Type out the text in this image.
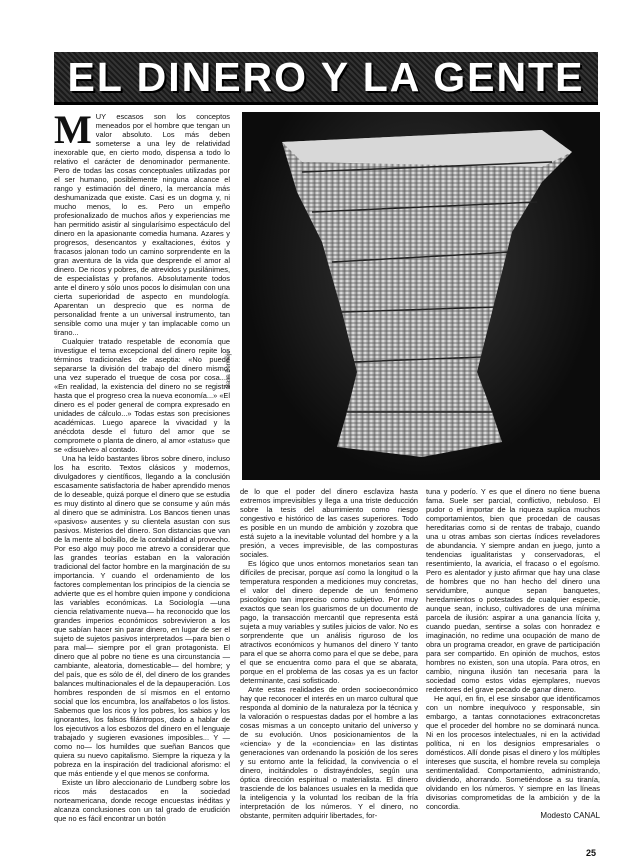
EL DINERO Y LA GENTE
M UY escasos son los conceptos meneados por el hombre que tengan un valor absoluto. Los más deben someterse a una ley de relatividad inexorable que, en cierto modo, dispensa a todo lo relativo el carácter de denominador permanente. Pero de todas las cosas conceptuales utilizadas por el ser humano, posiblemente ninguna alcance el rango y estimación del dinero, la mercancía más deshumanizada que existe. Casi es un dogma y, ni mucho menos, lo es. Pero un empeño profesionalizado de muchos años y experiencias me han permitido asistir al singularísimo espectáculo del dinero en la apasionante comedia humana. Azares y progresos, desencantos y exaltaciones, éxitos y fracasos jalonan todo un camino sorprendente en la gran aventura de la vida que desprende el amor al dinero. De ricos y pobres, de atrevidos y pusilánimes, de especialistas y profanos. Absolutamente todos ante el dinero y sólo unos pocos lo disimulan con una cierta superioridad de aspecto en mundología. Aparentan un desprecio que es norma de personalidad frente a un universal instrumento, tan sensible como una mujer y tan implacable como un tirano...

Cualquier tratado respetable de economía que investigue el tema excepcional del dinero repite los términos tradicionales de aseptia: «No puede separarse la división del trabajo del dinero mismo, una vez superado el trueque de cosa por cosa...» «En realidad, la existencia del dinero no se registra hasta que el progreso crea la nueva economía...» «El dinero es el poder general de compra expresado en unidades de cálculo...» Todas estas son precisiones académicas. Luego aparece la vivacidad y la anécdota desde el futuro del amor que se compromete o planta de dinero, al amor «status» que se «disuelve» al contado.

Una ha leído bastantes libros sobre dinero, incluso los ha escrito. Textos clásicos y modernos, divulgadores y científicos, llegando a la conclusión escasamente satisfactoria de haber aprendido menos de lo deseable, quizá porque el dinero que se estudia es muy distinto al dinero que se consume y aún más al dinero que se administra. Los Bancos tienen unas «pasivos» ausentes y su clientela asustan con sus pasivos. Misterios del dinero. Son distancias que van de la mente al bolsillo, de la contabilidad al provecho. Por eso algo muy poco me atrevo a considerar que las grandes teorías estaban en la valoración tradicional del factor hombre en la marginación de su importancia. Y cuando el ordenamiento de los factores complementan los principios de la ciencia se advierte que es el hombre quien impone y condiciona las variables económicas. La Sociología —una ciencia relativamente nueva— ha reconocido que los grandes imperios económicos sobrevivieron a los que sabían hacer sin parar dinero, en lugar de ser el sujeto de sujetos pasivos interpretados —para bien o para mal— siempre por el gran protagonista. El dinero que al pobre no tiene es una circunstancia —cambiante, aleatoria, domesticable— del hombre; y del país, que es sólo de él, del dinero de los grandes balances multinacionales el de la depauperación. Los hombres responden de sí mismos en el entorno social que los encumbra, los analfabetos o los listos. Sabemos que los ricos y los pobres, los sabios y los ignorantes, los falsos filántropos, dado a hablar de los ejecutivos a los esbozos del dinero en el lenguaje trabajado y sugieren evasiones imposibles... Y —como no— los humildes que sueñan Bancos que quiera su nuevo capitalismo. Siempre la riqueza y la pobreza en la inspiración del tradicional aforismo: el que más entiende y el que menos se conforma.

Existe un libro aleccionario de Lundberg sobre los ricos más destacados en la sociedad norteamericana, donde recoge encuestas inéditas y alcanza conclusiones con un tal grado de erudición que no es fácil encontrar un botón

Basa Bermejo

de lo que el poder del dinero esclaviza hasta extremos imprevisibles y llega a una triste deducción sobre la tesis del aburrimiento como riesgo congestivo e histórico de las cases superiores. Todo es posible en un mundo de ambición y zozobra que está sujeto a la inevitable voluntad del hombre y a la presión, a veces imprevisible, de las composturas sociales.

Es lógico que unos entornos monetarios sean tan difíciles de precisar, porque así como la longitud o la temperatura responden a mediciones muy concretas, el valor del dinero depende de un fenómeno psicológico tan impreciso como subjetivo. Por muy exactos que sean los guarismos de un documento de pago, la transacción mercantil que representa está sujeta a muy variables y sutiles juicios de valor. No es sorprendente que un análisis riguroso de los atractivos económicos y humanos del dinero Y tanto para el que se ahorra como para el que se debe, para el que se encuentra como para el que se abarata, porque en el problema de las cosas ya es un factor determinante, casi sofisticado.

Ante estas realidades de orden socioeconómico hay que reconocer el interés en un marco cultural que responda al dominio de la naturaleza por la técnica y la valoración o respuestas dadas por el hombre a las cosas mismas a un concepto unitario del universo y de su evolución. Unos posicionamientos de la «ciencia» y de la «conciencia» en las distintas generaciones van ordenando la posición de los seres y su entorno ante la felicidad, la convivencia o el dinero, incitándoles o distrayéndoles, según una óptica dirección espiritual o materialista. El dinero trasciende de los balances usuales en la medida que la inteligencia y la voluntad los reciban de la fría interpretación de los números. Y el dinero, no obstante, permiten adquirir libertades, for-

tuna y poderío. Y es que el dinero no tiene buena fama. Suele ser parcial, conflictivo, nebuloso. El pudor o el importar de la riqueza suplica muchos comportamientos, bien que procedan de causas hereditarias como si de rentas de trabajo, cuando una u otras ambas son ciertas índices reveladores de abundancia. Y siempre andan en juego, junto a tendencias igualitaristas y conservadoras, el resentimiento, la avaricia, el fracaso o el egoísmo. Pero es alentador y justo afirmar que hay una clase de hombres que no han hecho del dinero una servidumbre, aunque sepan banquetes, heredamientos o potestades de cualquier especie, aunque sean, incluso, cultivadores de una mínima parcela de ilusión: aspirar a una ganancia lícita y, cuando puedan, sentirse a solas con honradez e imaginación, no redime una ocupación de mano de obra un programa creador, en grave de participación para ser compartido. En opinión de muchos, estos hombres no existen, son una utopía. Para otros, en cambio, ninguna ilusión tan necesaria para la sociedad como estos vidas ejemplares, nuevos redentores del grave pecado de ganar dinero.

He aquí, en fin, el ese sinsabor que identificamos con un nombre inequívoco y responsable, sin embargo, a tantas connotaciones extraconcretas que el proceder del hombre no se dominará nunca. Ni en los procesos intelectuales, ni en la actividad política, ni en los designios empresariales o domésticos. Allí donde pisas el dinero y los múltiples intereses que suscita, el hombre revela su compleja sentimentalidad. Comportamiento, administrando, dividiendo, ahorrando. Sometiéndose a su tiranía, olvidando en los números. Y siempre en las líneas divisorias comprometidas de la ambición y de la concordia.

Modesto CANAL

25
